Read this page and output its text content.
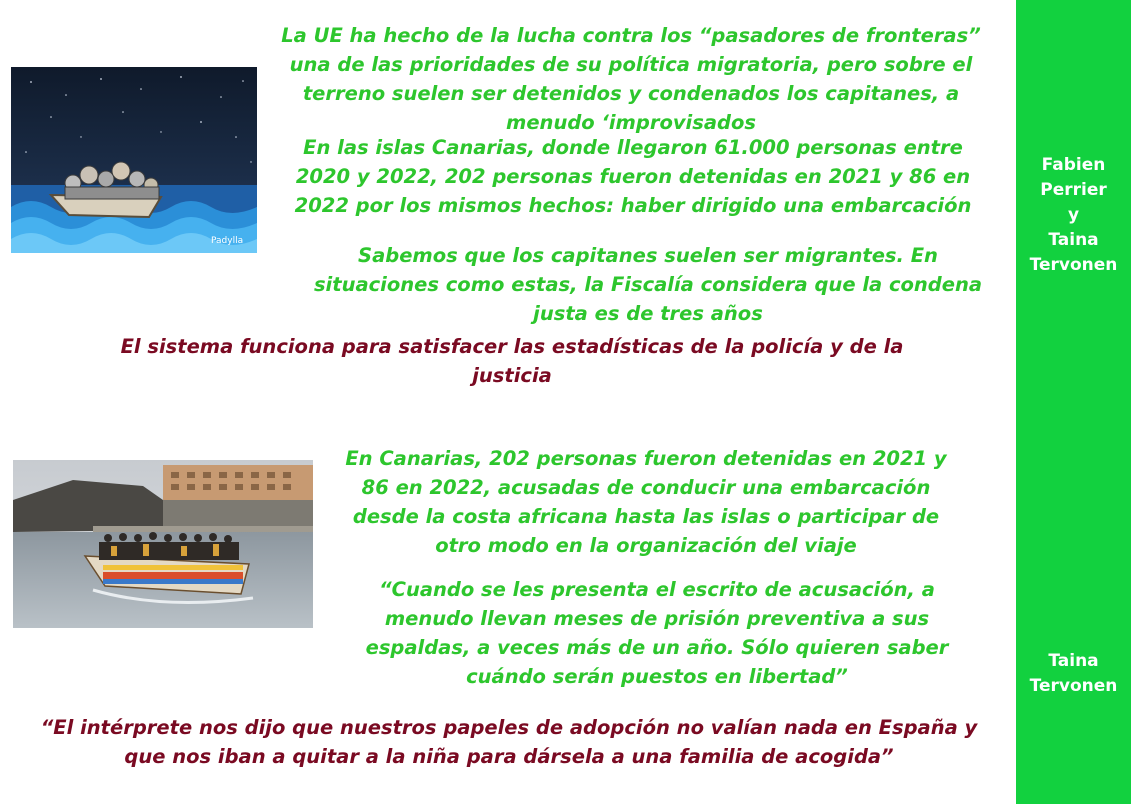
Padylla

La UE ha hecho de la lucha contra los “pasadores de fronteras” una de las prioridades de su política migratoria, pero sobre el terreno suelen ser detenidos y condenados los capitanes, a menudo ‘improvisados

En las islas Canarias, donde llegaron 61.000 personas entre 2020 y 2022, 202 personas fueron detenidas en 2021 y 86 en 2022 por los mismos hechos: haber dirigido una embarcación

Sabemos que los capitanes suelen ser migrantes. En situaciones como estas, la Fiscalía considera que la condena justa es de tres años

El sistema funciona para satisfacer las estadísticas de la policía y de la justicia

En Canarias, 202 personas fueron detenidas en 2021 y 86 en 2022, acusadas de conducir una embarcación desde la costa africana hasta las islas o participar de otro modo en la organización del viaje

“Cuando se les presenta el escrito de acusación, a menudo llevan meses de prisión preventiva a sus espaldas, a veces más de un año. Sólo quieren saber cuándo serán puestos en libertad”

“El intérprete nos dijo que nuestros papeles de adopción no valían nada en España y que nos iban a quitar a la niña para dársela a una familia de acogida”

Fabien
Perrier
y
Taina
Tervonen

Taina
Tervonen
